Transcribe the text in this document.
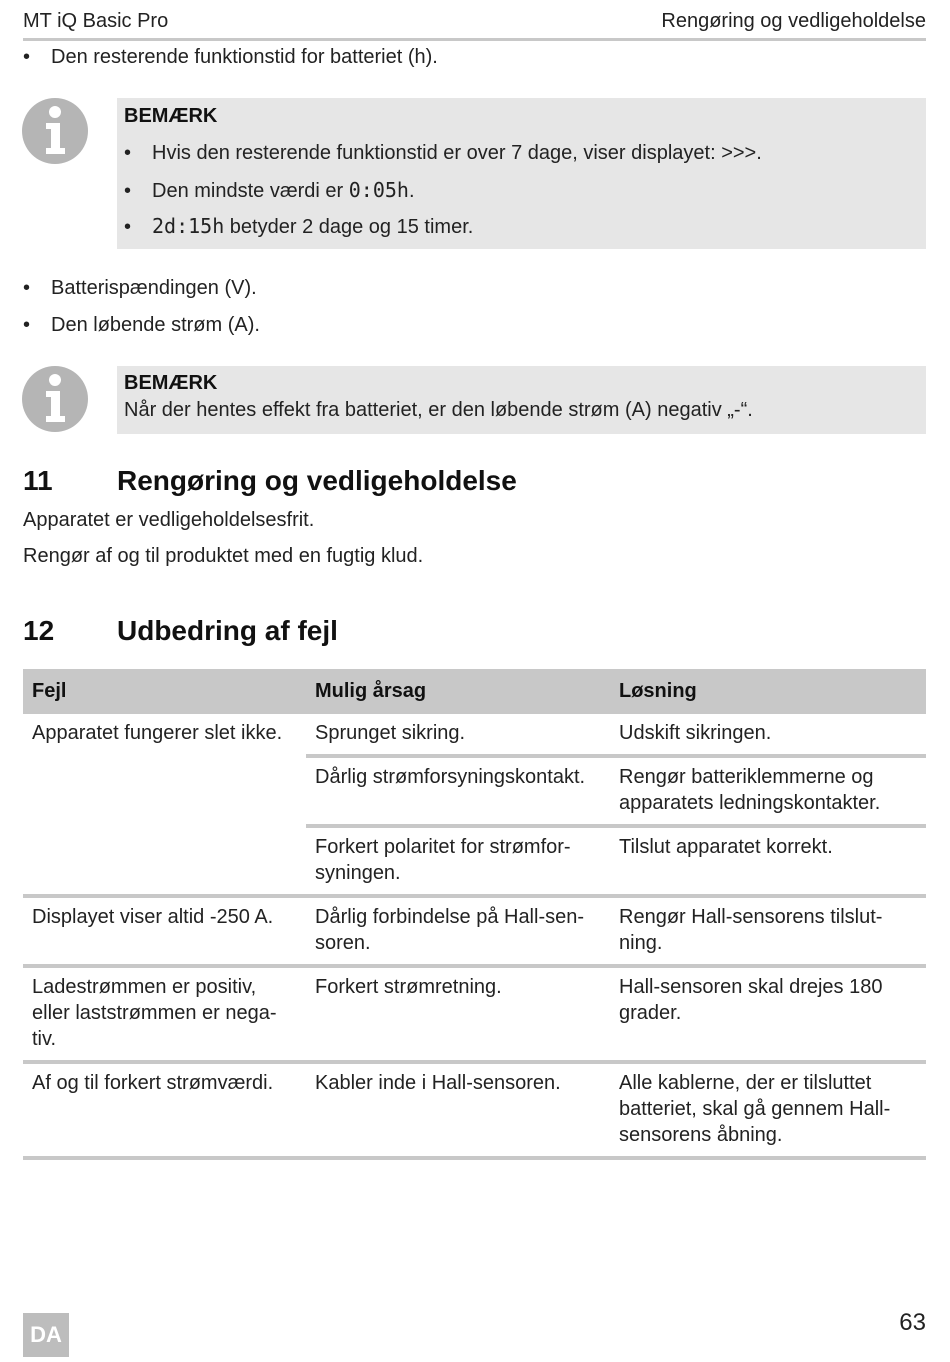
MT iQ Basic Pro	Rengøring og vedligeholdelse
• Den resterende funktionstid for batteriet (h).
BEMÆRK
• Hvis den resterende funktionstid er over 7 dage, viser displayet: >>>.
• Den mindste værdi er 0:05h.
• 2d:15h betyder 2 dage og 15 timer.
• Batterispændingen (V).
• Den løbende strøm (A).
BEMÆRK
Når der hentes effekt fra batteriet, er den løbende strøm (A) negativ „-“.
11 Rengøring og vedligeholdelse
Apparatet er vedligeholdelsesfrit.
Rengør af og til produktet med en fugtig klud.
12 Udbedring af fejl
Fejl	Mulig årsag	Løsning
Apparatet fungerer slet ikke.	Sprunget sikring.	Udskift sikringen.
	Dårlig strømforsyningskontakt.	Rengør batteriklemmerne og apparatets ledningskontakter.
	Forkert polaritet for strømfor-syningen.	Tilslut apparatet korrekt.
Displayet viser altid -250 A.	Dårlig forbindelse på Hall-sen-soren.	Rengør Hall-sensorens tilslut-ning.
Ladestrømmen er positiv, eller laststrømmen er nega-tiv.	Forkert strømretning.	Hall-sensoren skal drejes 180 grader.
Af og til forkert strømværdi.	Kabler inde i Hall-sensoren.	Alle kablerne, der er tilsluttet batteriet, skal gå gennem Hall-sensorens åbning.
DA	63
